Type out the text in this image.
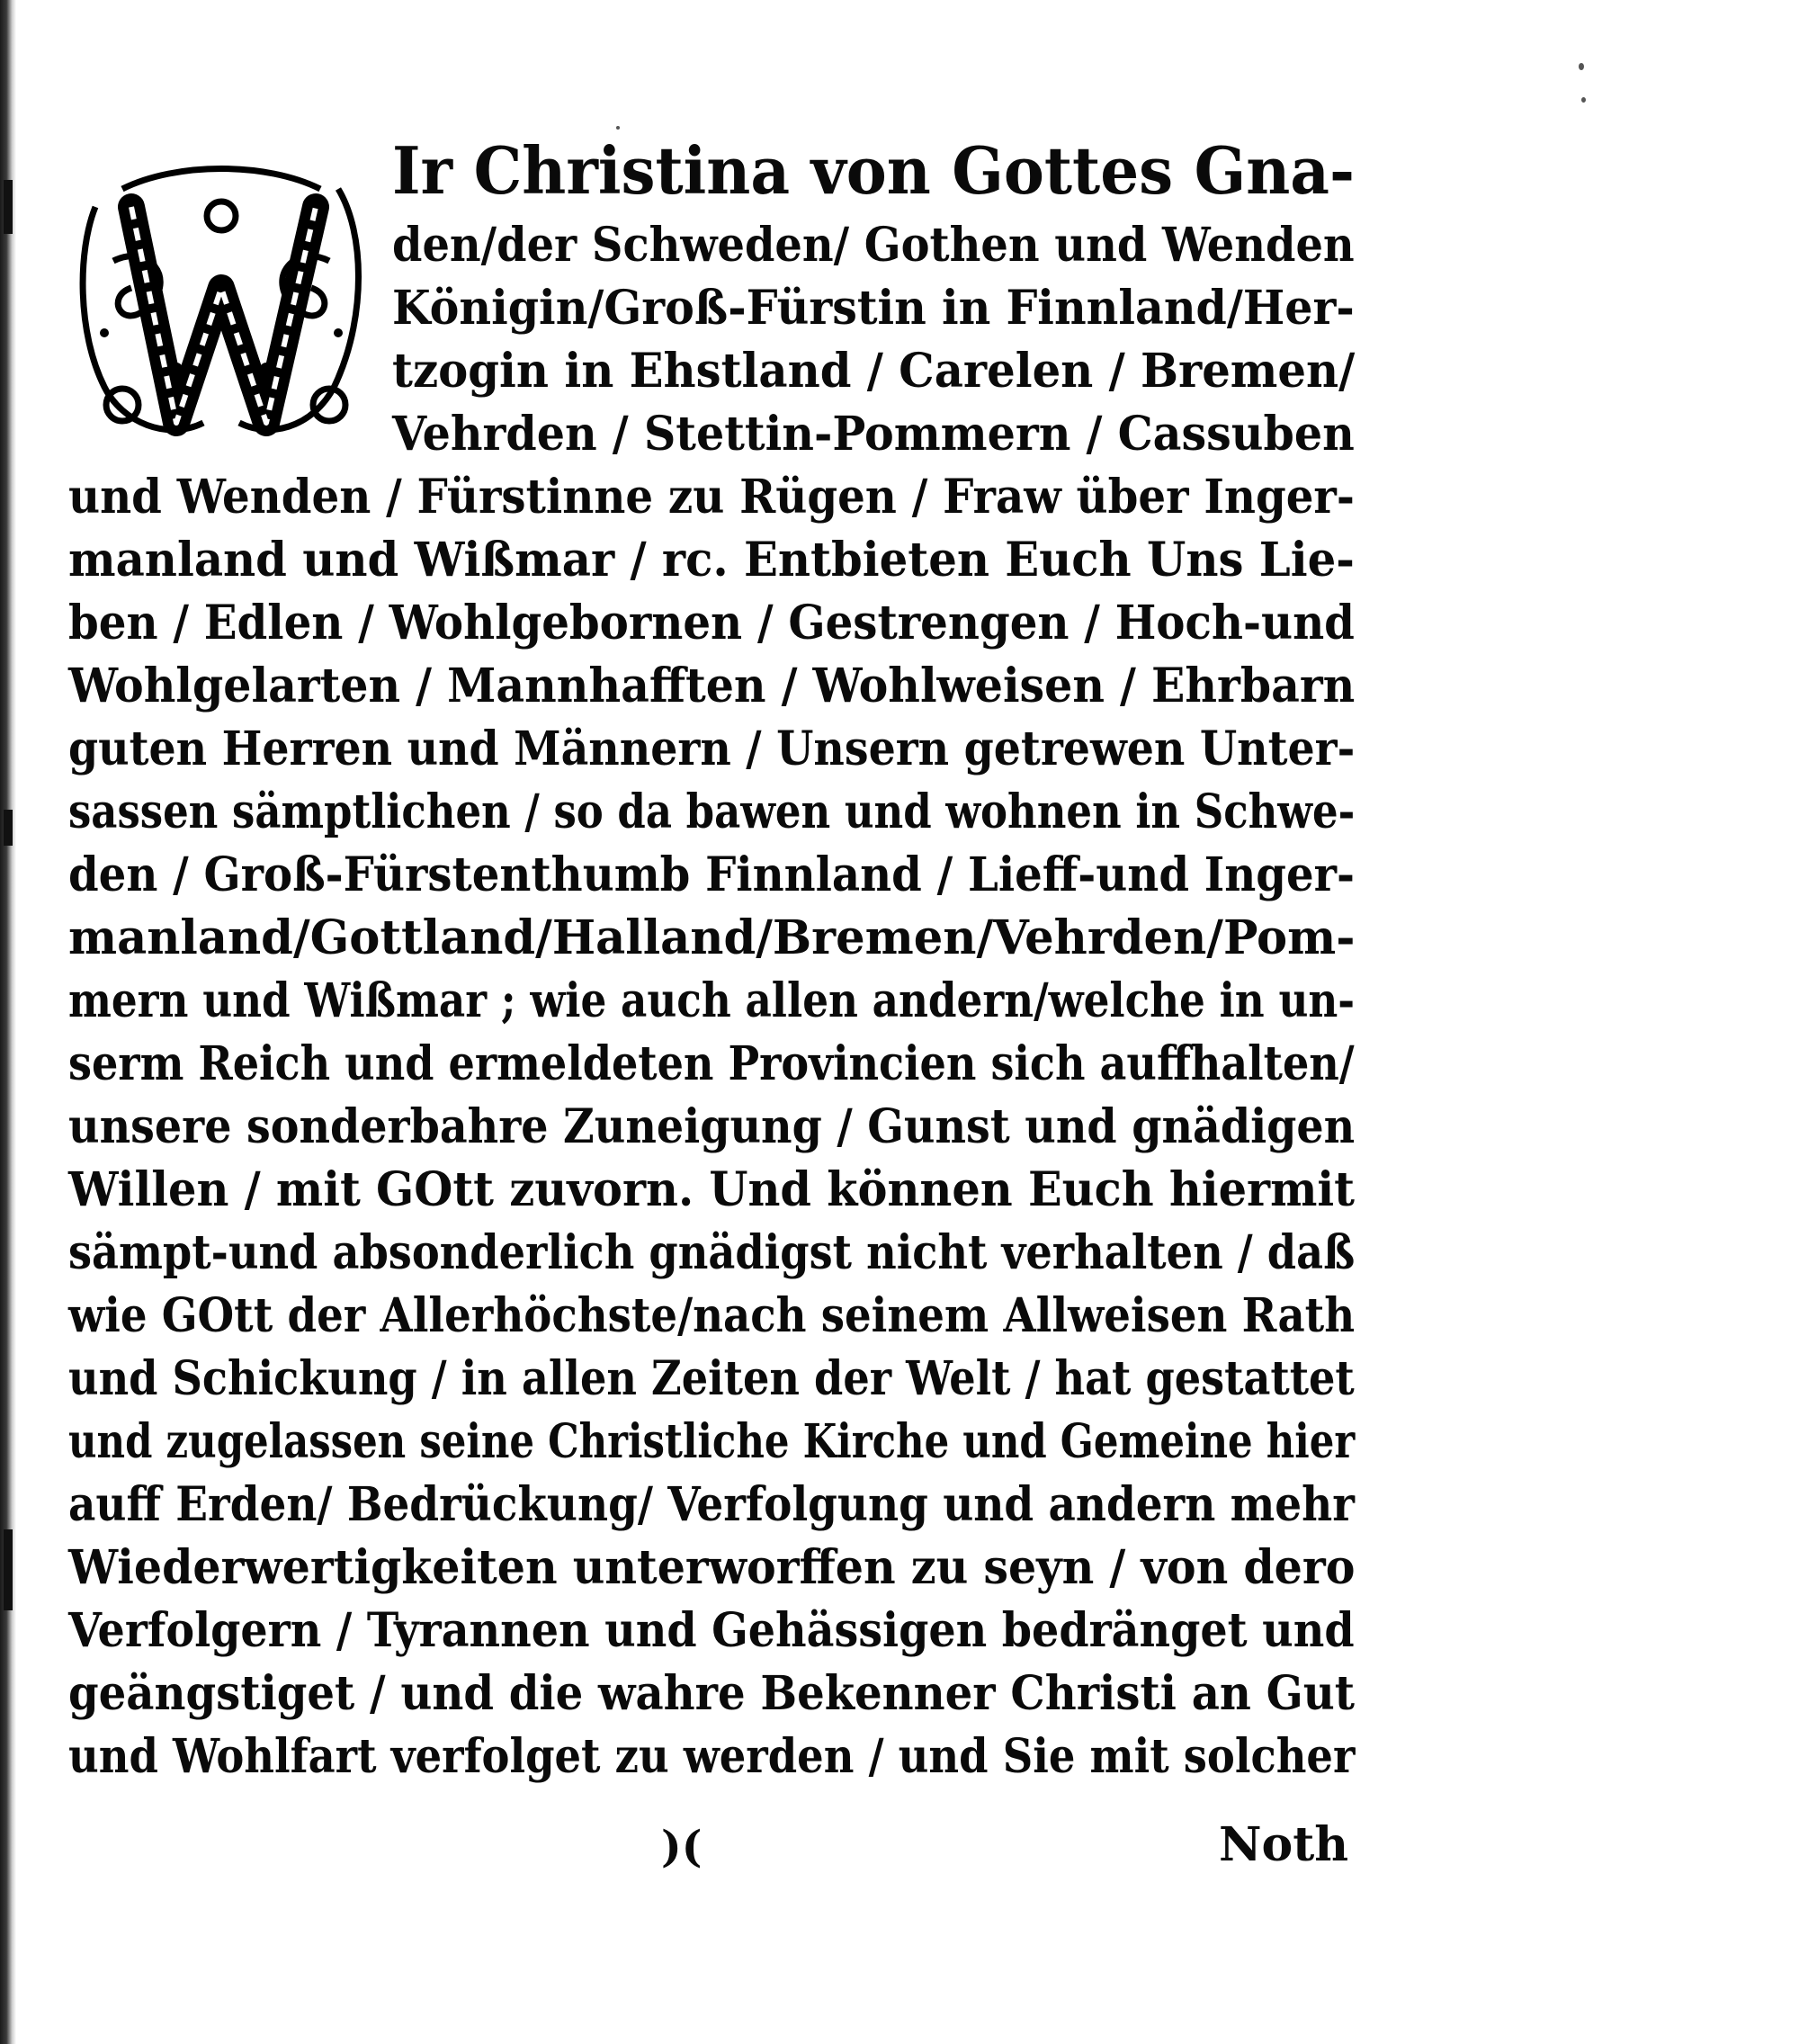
Ir Christina von Gottes Gna-
den/der Schweden/ Gothen und Wenden
Königin/Groß-Fürstin in Finnland/Her-
tzogin in Ehstland / Carelen / Bremen/
Vehrden / Stettin-Pommern / Cassuben
und Wenden / Fürstinne zu Rügen / Fraw über Inger-
manland und Wißmar / rc. Entbieten Euch Uns Lie-
ben / Edlen / Wohlgebornen / Gestrengen / Hoch-und
Wohlgelarten / Mannhafften / Wohlweisen / Ehrbarn
guten Herren und Männern / Unsern getrewen Unter-
sassen sämptlichen / so da bawen und wohnen in Schwe-
den / Groß-Fürstenthumb Finnland / Lieff-und Inger-
manland/Gottland/Halland/Bremen/Vehrden/Pom-
mern und Wißmar ; wie auch allen andern/welche in un-
serm Reich und ermeldeten Provincien sich auffhalten/
unsere sonderbahre Zuneigung / Gunst und gnädigen
Willen / mit GOtt zuvorn. Und können Euch hiermit
sämpt-und absonderlich gnädigst nicht verhalten / daß
wie GOtt der Allerhöchste/nach seinem Allweisen Rath
und Schickung / in allen Zeiten der Welt / hat gestattet
und zugelassen seine Christliche Kirche und Gemeine hier
auff Erden/ Bedrückung/ Verfolgung und andern mehr
Wiederwertigkeiten unterworffen zu seyn / von dero
Verfolgern / Tyrannen und Gehässigen bedränget und
geängstiget / und die wahre Bekenner Christi an Gut
und Wohlfart verfolget zu werden / und Sie mit solcher
)(	Noth
